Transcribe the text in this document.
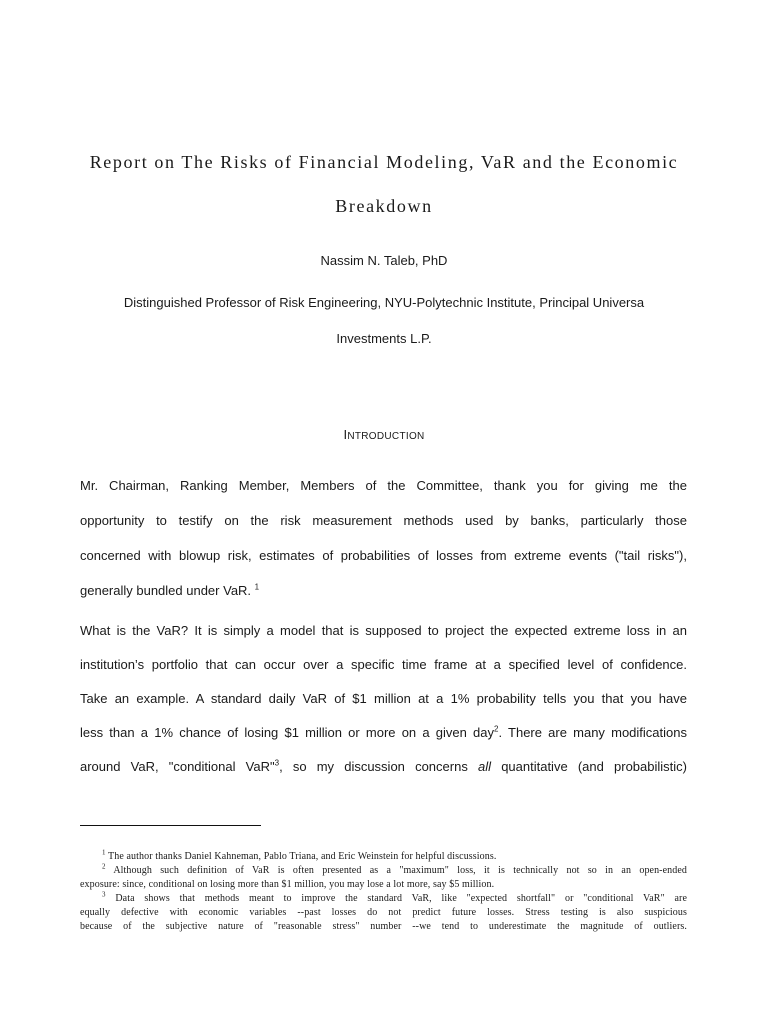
Report on The Risks of Financial Modeling, VaR and the Economic
Breakdown
Nassim N. Taleb, PhD
Distinguished Professor of Risk Engineering, NYU-Polytechnic Institute, Principal Universa
Investments L.P.
INTRODUCTION
Mr. Chairman, Ranking Member, Members of the Committee, thank you for giving me the
opportunity to testify on the risk measurement methods used by banks, particularly those
concerned with blowup risk, estimates of probabilities of losses from extreme events ("tail risks"),
generally bundled under VaR. $^1$
What is the VaR? It is simply a model that is supposed to project the expected extreme loss in an
institution’s portfolio that can occur over a specific time frame at a specified level of confidence.
Take an example. A standard daily VaR of $1 million at a 1% probability tells you that you have
less than a 1% chance of losing $1 million or more on a given day$^2$. There are many modifications
around VaR, "conditional VaR"$^3$, so my discussion concerns all quantitative (and probabilistic)
$^1$ The author thanks Daniel Kahneman, Pablo Triana, and Eric Weinstein for helpful discussions.
$^2$ Although such definition of VaR is often presented as a "maximum" loss, it is technically not so in an open-ended
exposure: since, conditional on losing more than $1 million, you may lose a lot more, say $5 million.
$^3$ Data shows that methods meant to improve the standard VaR, like "expected shortfall" or "conditional VaR" are
equally defective with economic variables --past losses do not predict future losses. Stress testing is also suspicious
because of the subjective nature of "reasonable stress" number --we tend to underestimate the magnitude of outliers.
